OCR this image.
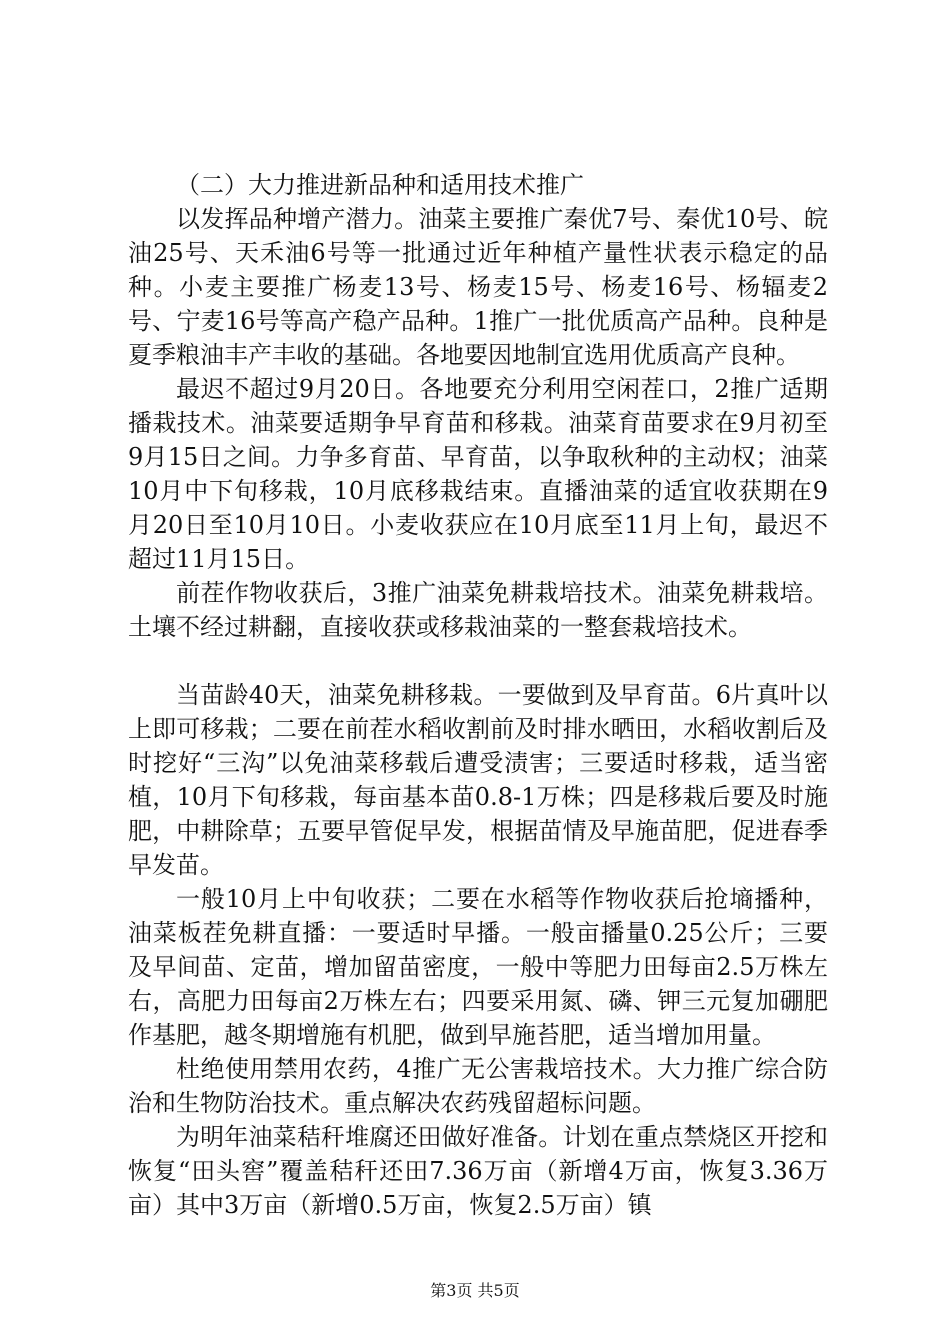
（二）大力推进新品种和适用技术推广

以发挥品种增产潜力。油菜主要推广秦优7号、秦优10号、皖油25号、天禾油6号等一批通过近年种植产量性状表示稳定的品种。小麦主要推广杨麦13号、杨麦15号、杨麦16号、杨辐麦2号、宁麦16号等高产稳产品种。1推广一批优质高产品种。良种是夏季粮油丰产丰收的基础。各地要因地制宜选用优质高产良种。

最迟不超过9月20日。各地要充分利用空闲茬口，2推广适期播栽技术。油菜要适期争早育苗和移栽。油菜育苗要求在9月初至9月15日之间。力争多育苗、早育苗，以争取秋种的主动权；油菜10月中下旬移栽，10月底移栽结束。直播油菜的适宜收获期在9月20日至10月10日。小麦收获应在10月底至11月上旬，最迟不超过11月15日。

前茬作物收获后，3推广油菜免耕栽培技术。油菜免耕栽培。土壤不经过耕翻，直接收获或移栽油菜的一整套栽培技术。

当苗龄40天，油菜免耕移栽。一要做到及早育苗。6片真叶以上即可移栽；二要在前茬水稻收割前及时排水晒田，水稻收割后及时挖好“三沟”以免油菜移载后遭受渍害；三要适时移栽，适当密植，10月下旬移栽，每亩基本苗0.8-1万株；四是移栽后要及时施肥，中耕除草；五要早管促早发，根据苗情及早施苗肥，促进春季早发苗。

一般10月上中旬收获；二要在水稻等作物收获后抢墒播种，油菜板茬免耕直播：一要适时早播。一般亩播量0.25公斤；三要及早间苗、定苗，增加留苗密度，一般中等肥力田每亩2.5万株左右，高肥力田每亩2万株左右；四要采用氮、磷、钾三元复加硼肥作基肥，越冬期增施有机肥，做到早施苔肥，适当增加用量。

杜绝使用禁用农药，4推广无公害栽培技术。大力推广综合防治和生物防治技术。重点解决农药残留超标问题。

为明年油菜秸秆堆腐还田做好准备。计划在重点禁烧区开挖和恢复“田头窖”覆盖秸秆还田7.36万亩（新增4万亩，恢复3.36万亩）其中3万亩（新增0.5万亩，恢复2.5万亩）镇

第3页 共5页
